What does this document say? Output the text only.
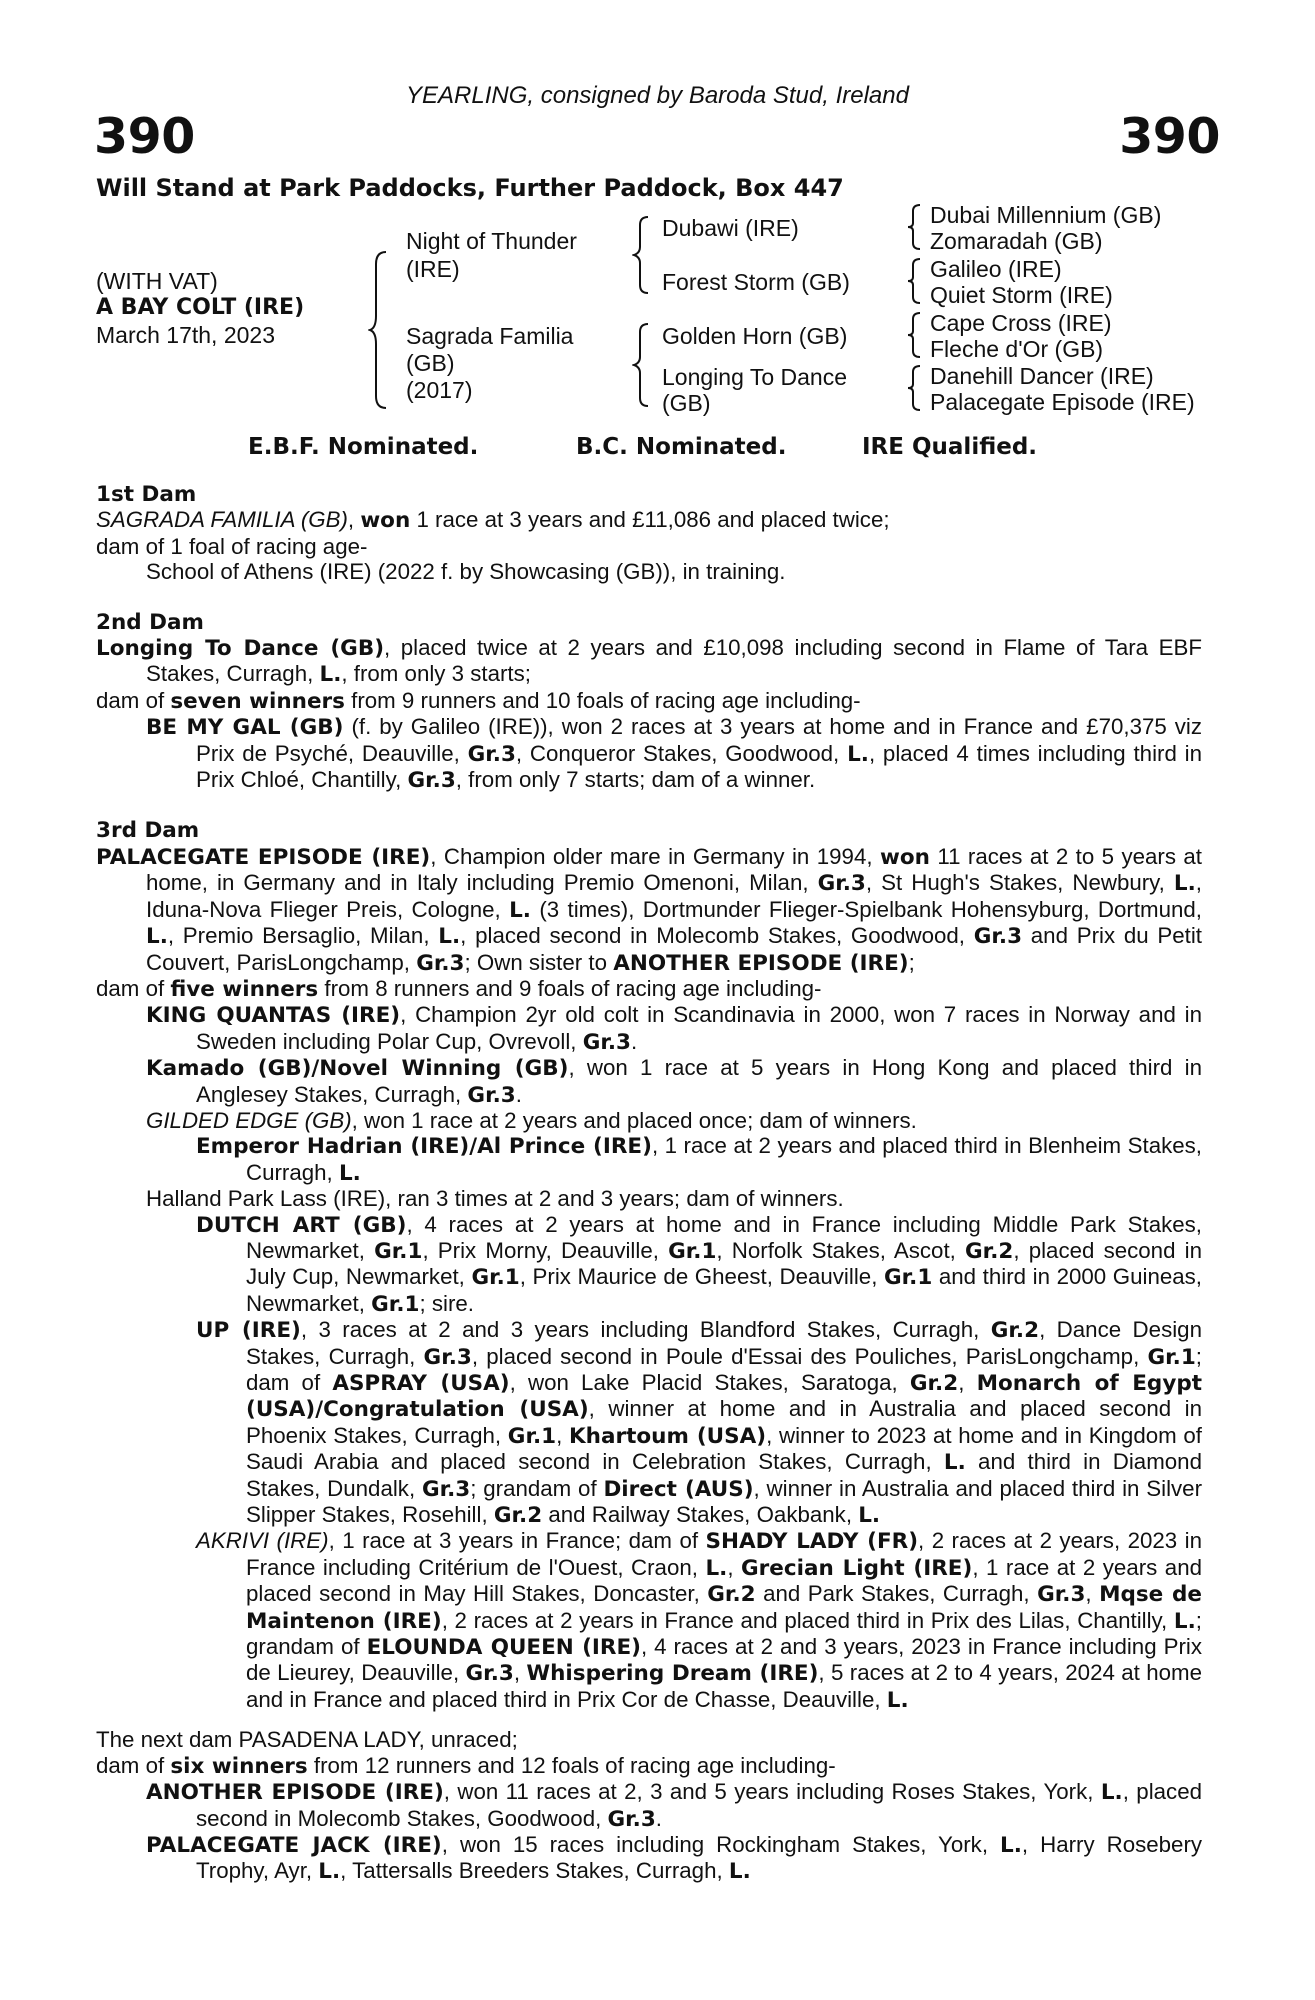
YEARLING, consigned by Baroda Stud, Ireland
390	390
Will Stand at Park Paddocks, Further Paddock, Box 447
(WITH VAT)
A BAY COLT (IRE)
March 17th, 2023
Night of Thunder
(IRE)
Sagrada Familia
(GB)
(2017)
Dubawi (IRE)
Forest Storm (GB)
Golden Horn (GB)
Longing To Dance
(GB)
Dubai Millennium (GB)
Zomaradah (GB)
Galileo (IRE)
Quiet Storm (IRE)
Cape Cross (IRE)
Fleche d'Or (GB)
Danehill Dancer (IRE)
Palacegate Episode (IRE)
E.B.F. Nominated.	B.C. Nominated.	IRE Qualified.
1st Dam

SAGRADA FAMILIA (GB), won 1 race at 3 years and £11,086 and placed twice;

dam of 1 foal of racing age-

School of Athens (IRE) (2022 f. by Showcasing (GB)), in training.

2nd Dam

Longing To Dance (GB), placed twice at 2 years and £10,098 including second in Flame of Tara EBF Stakes, Curragh, L., from only 3 starts;

dam of seven winners from 9 runners and 10 foals of racing age including-

BE MY GAL (GB) (f. by Galileo (IRE)), won 2 races at 3 years at home and in France and £70,375 viz Prix de Psyché, Deauville, Gr.3, Conqueror Stakes, Goodwood, L., placed 4 times including third in Prix Chloé, Chantilly, Gr.3, from only 7 starts; dam of a winner.

3rd Dam

PALACEGATE EPISODE (IRE), Champion older mare in Germany in 1994, won 11 races at 2 to 5 years at home, in Germany and in Italy including Premio Omenoni, Milan, Gr.3, St Hugh's Stakes, Newbury, L., Iduna-Nova Flieger Preis, Cologne, L. (3 times), Dortmunder Flieger-Spielbank Hohensyburg, Dortmund, L., Premio Bersaglio, Milan, L., placed second in Molecomb Stakes, Goodwood, Gr.3 and Prix du Petit Couvert, ParisLongchamp, Gr.3; Own sister to ANOTHER EPISODE (IRE);

dam of five winners from 8 runners and 9 foals of racing age including-

KING QUANTAS (IRE), Champion 2yr old colt in Scandinavia in 2000, won 7 races in Norway and in Sweden including Polar Cup, Ovrevoll, Gr.3.

Kamado (GB)/Novel Winning (GB), won 1 race at 5 years in Hong Kong and placed third in Anglesey Stakes, Curragh, Gr.3.

GILDED EDGE (GB), won 1 race at 2 years and placed once; dam of winners.

Emperor Hadrian (IRE)/Al Prince (IRE), 1 race at 2 years and placed third in Blenheim Stakes, Curragh, L.

Halland Park Lass (IRE), ran 3 times at 2 and 3 years; dam of winners.

DUTCH ART (GB), 4 races at 2 years at home and in France including Middle Park Stakes, Newmarket, Gr.1, Prix Morny, Deauville, Gr.1, Norfolk Stakes, Ascot, Gr.2, placed second in July Cup, Newmarket, Gr.1, Prix Maurice de Gheest, Deauville, Gr.1 and third in 2000 Guineas, Newmarket, Gr.1; sire.

UP (IRE), 3 races at 2 and 3 years including Blandford Stakes, Curragh, Gr.2, Dance Design Stakes, Curragh, Gr.3, placed second in Poule d'Essai des Pouliches, ParisLongchamp, Gr.1; dam of ASPRAY (USA), won Lake Placid Stakes, Saratoga, Gr.2, Monarch of Egypt (USA)/Congratulation (USA), winner at home and in Australia and placed second in Phoenix Stakes, Curragh, Gr.1, Khartoum (USA), winner to 2023 at home and in Kingdom of Saudi Arabia and placed second in Celebration Stakes, Curragh, L. and third in Diamond Stakes, Dundalk, Gr.3; grandam of Direct (AUS), winner in Australia and placed third in Silver Slipper Stakes, Rosehill, Gr.2 and Railway Stakes, Oakbank, L.

AKRIVI (IRE), 1 race at 3 years in France; dam of SHADY LADY (FR), 2 races at 2 years, 2023 in France including Critérium de l'Ouest, Craon, L., Grecian Light (IRE), 1 race at 2 years and placed second in May Hill Stakes, Doncaster, Gr.2 and Park Stakes, Curragh, Gr.3, Mqse de Maintenon (IRE), 2 races at 2 years in France and placed third in Prix des Lilas, Chantilly, L.; grandam of ELOUNDA QUEEN (IRE), 4 races at 2 and 3 years, 2023 in France including Prix de Lieurey, Deauville, Gr.3, Whispering Dream (IRE), 5 races at 2 to 4 years, 2024 at home and in France and placed third in Prix Cor de Chasse, Deauville, L.

The next dam PASADENA LADY, unraced;

dam of six winners from 12 runners and 12 foals of racing age including-

ANOTHER EPISODE (IRE), won 11 races at 2, 3 and 5 years including Roses Stakes, York, L., placed second in Molecomb Stakes, Goodwood, Gr.3.

PALACEGATE JACK (IRE), won 15 races including Rockingham Stakes, York, L., Harry Rosebery Trophy, Ayr, L., Tattersalls Breeders Stakes, Curragh, L.
